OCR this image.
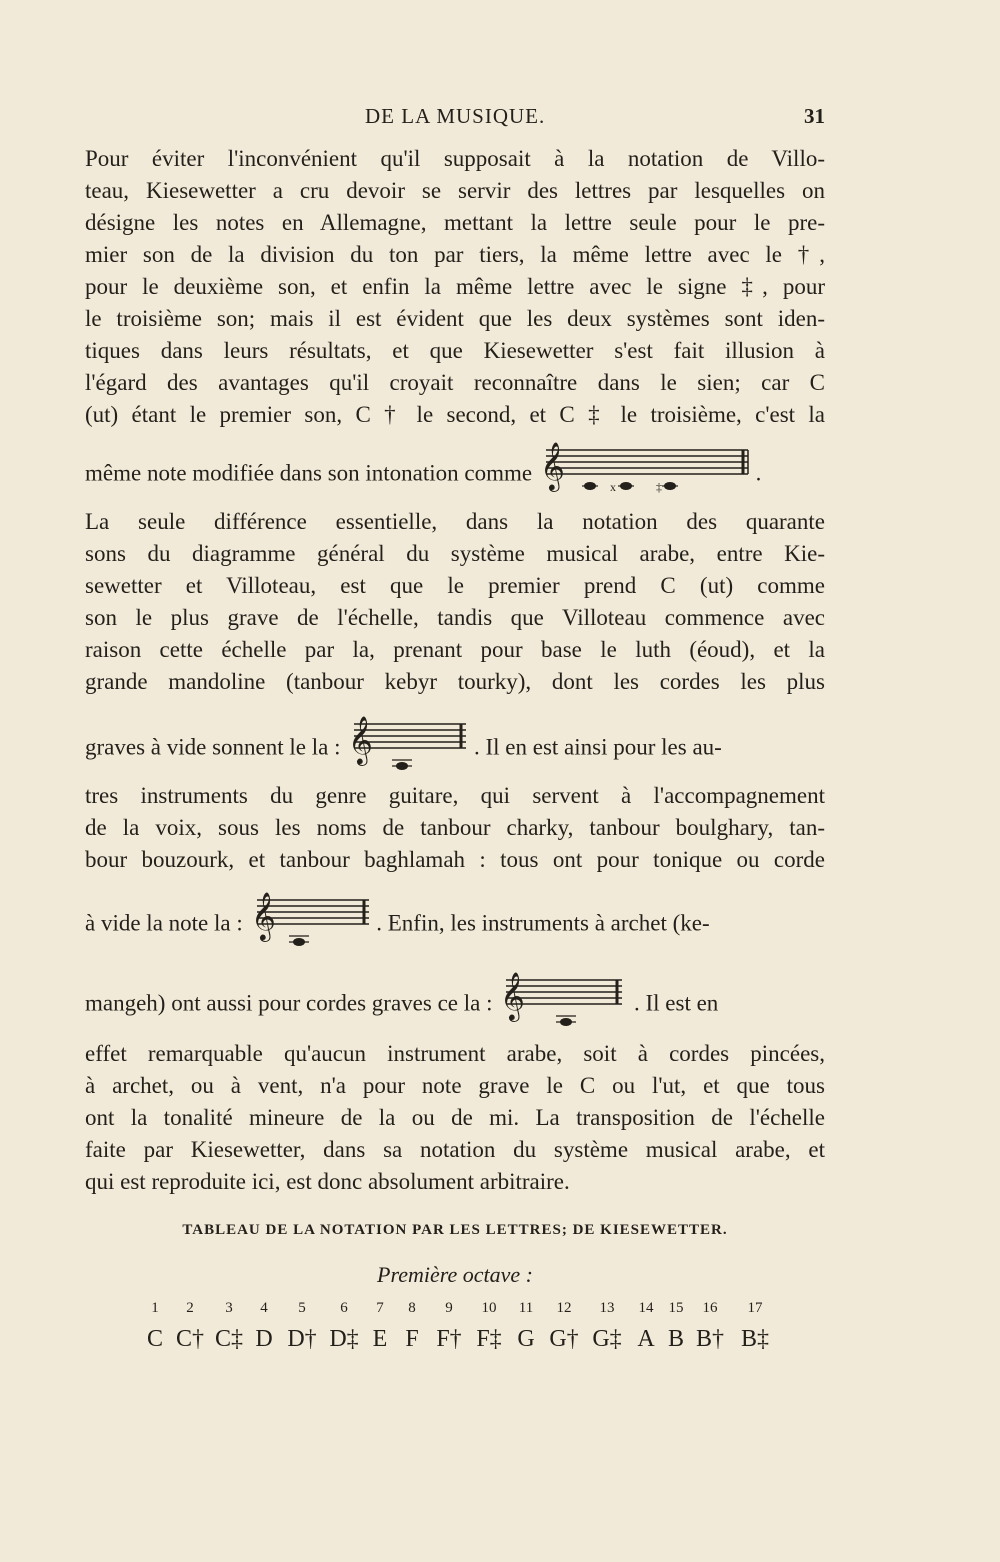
DE LA MUSIQUE.	31
Pour éviter l'inconvénient qu'il supposait à la notation de Villo-
teau, Kiesewetter a cru devoir se servir des lettres par lesquelles on
désigne les notes en Allemagne, mettant la lettre seule pour le pre-
mier son de la division du ton par tiers, la même lettre avec le †,
pour le deuxième son, et enfin la même lettre avec le signe ‡, pour
le troisième son; mais il est évident que les deux systèmes sont iden-
tiques dans leurs résultats, et que Kiesewetter s'est fait illusion à
l'égard des avantages qu'il croyait reconnaître dans le sien; car C
(ut) étant le premier son, C † le second, et C ‡ le troisième, c'est la
même note modifiée dans son intonation comme 𝄞	x	‡
.
La seule différence essentielle, dans la notation des quarante
sons du diagramme général du système musical arabe, entre Kie-
sewetter et Villoteau, est que le premier prend C (ut) comme
son le plus grave de l'échelle, tandis que Villoteau commence avec
raison cette échelle par la, prenant pour base le luth (éoud), et la
grande mandoline (tanbour kebyr tourky), dont les cordes les plus
graves à vide sonnent le la : 𝄞	. Il en est ainsi pour les au-
tres instruments du genre guitare, qui servent à l'accompagnement
de la voix, sous les noms de tanbour charky, tanbour boulghary, tan-
bour bouzourk, et tanbour baghlamah : tous ont pour tonique ou corde
à vide la note la : 𝄞	. Enfin, les instruments à archet (ke-
mangeh) ont aussi pour cordes graves ce la : 𝄞	. Il est en
effet remarquable qu'aucun instrument arabe, soit à cordes pincées,
à archet, ou à vent, n'a pour note grave le C ou l'ut, et que tous
ont la tonalité mineure de la ou de mi. La transposition de l'échelle
faite par Kiesewetter, dans sa notation du système musical arabe, et
qui est reproduite ici, est donc absolument arbitraire.
TABLEAU DE LA NOTATION PAR LES LETTRES; DE KIESEWETTER.
Première octave :
1 2 3 4 5 6 7 8 9 10 11 12 13 14 15 16 17
C C† C‡ D D† D‡ E F F† F‡ G G† G‡ A B B† B‡
